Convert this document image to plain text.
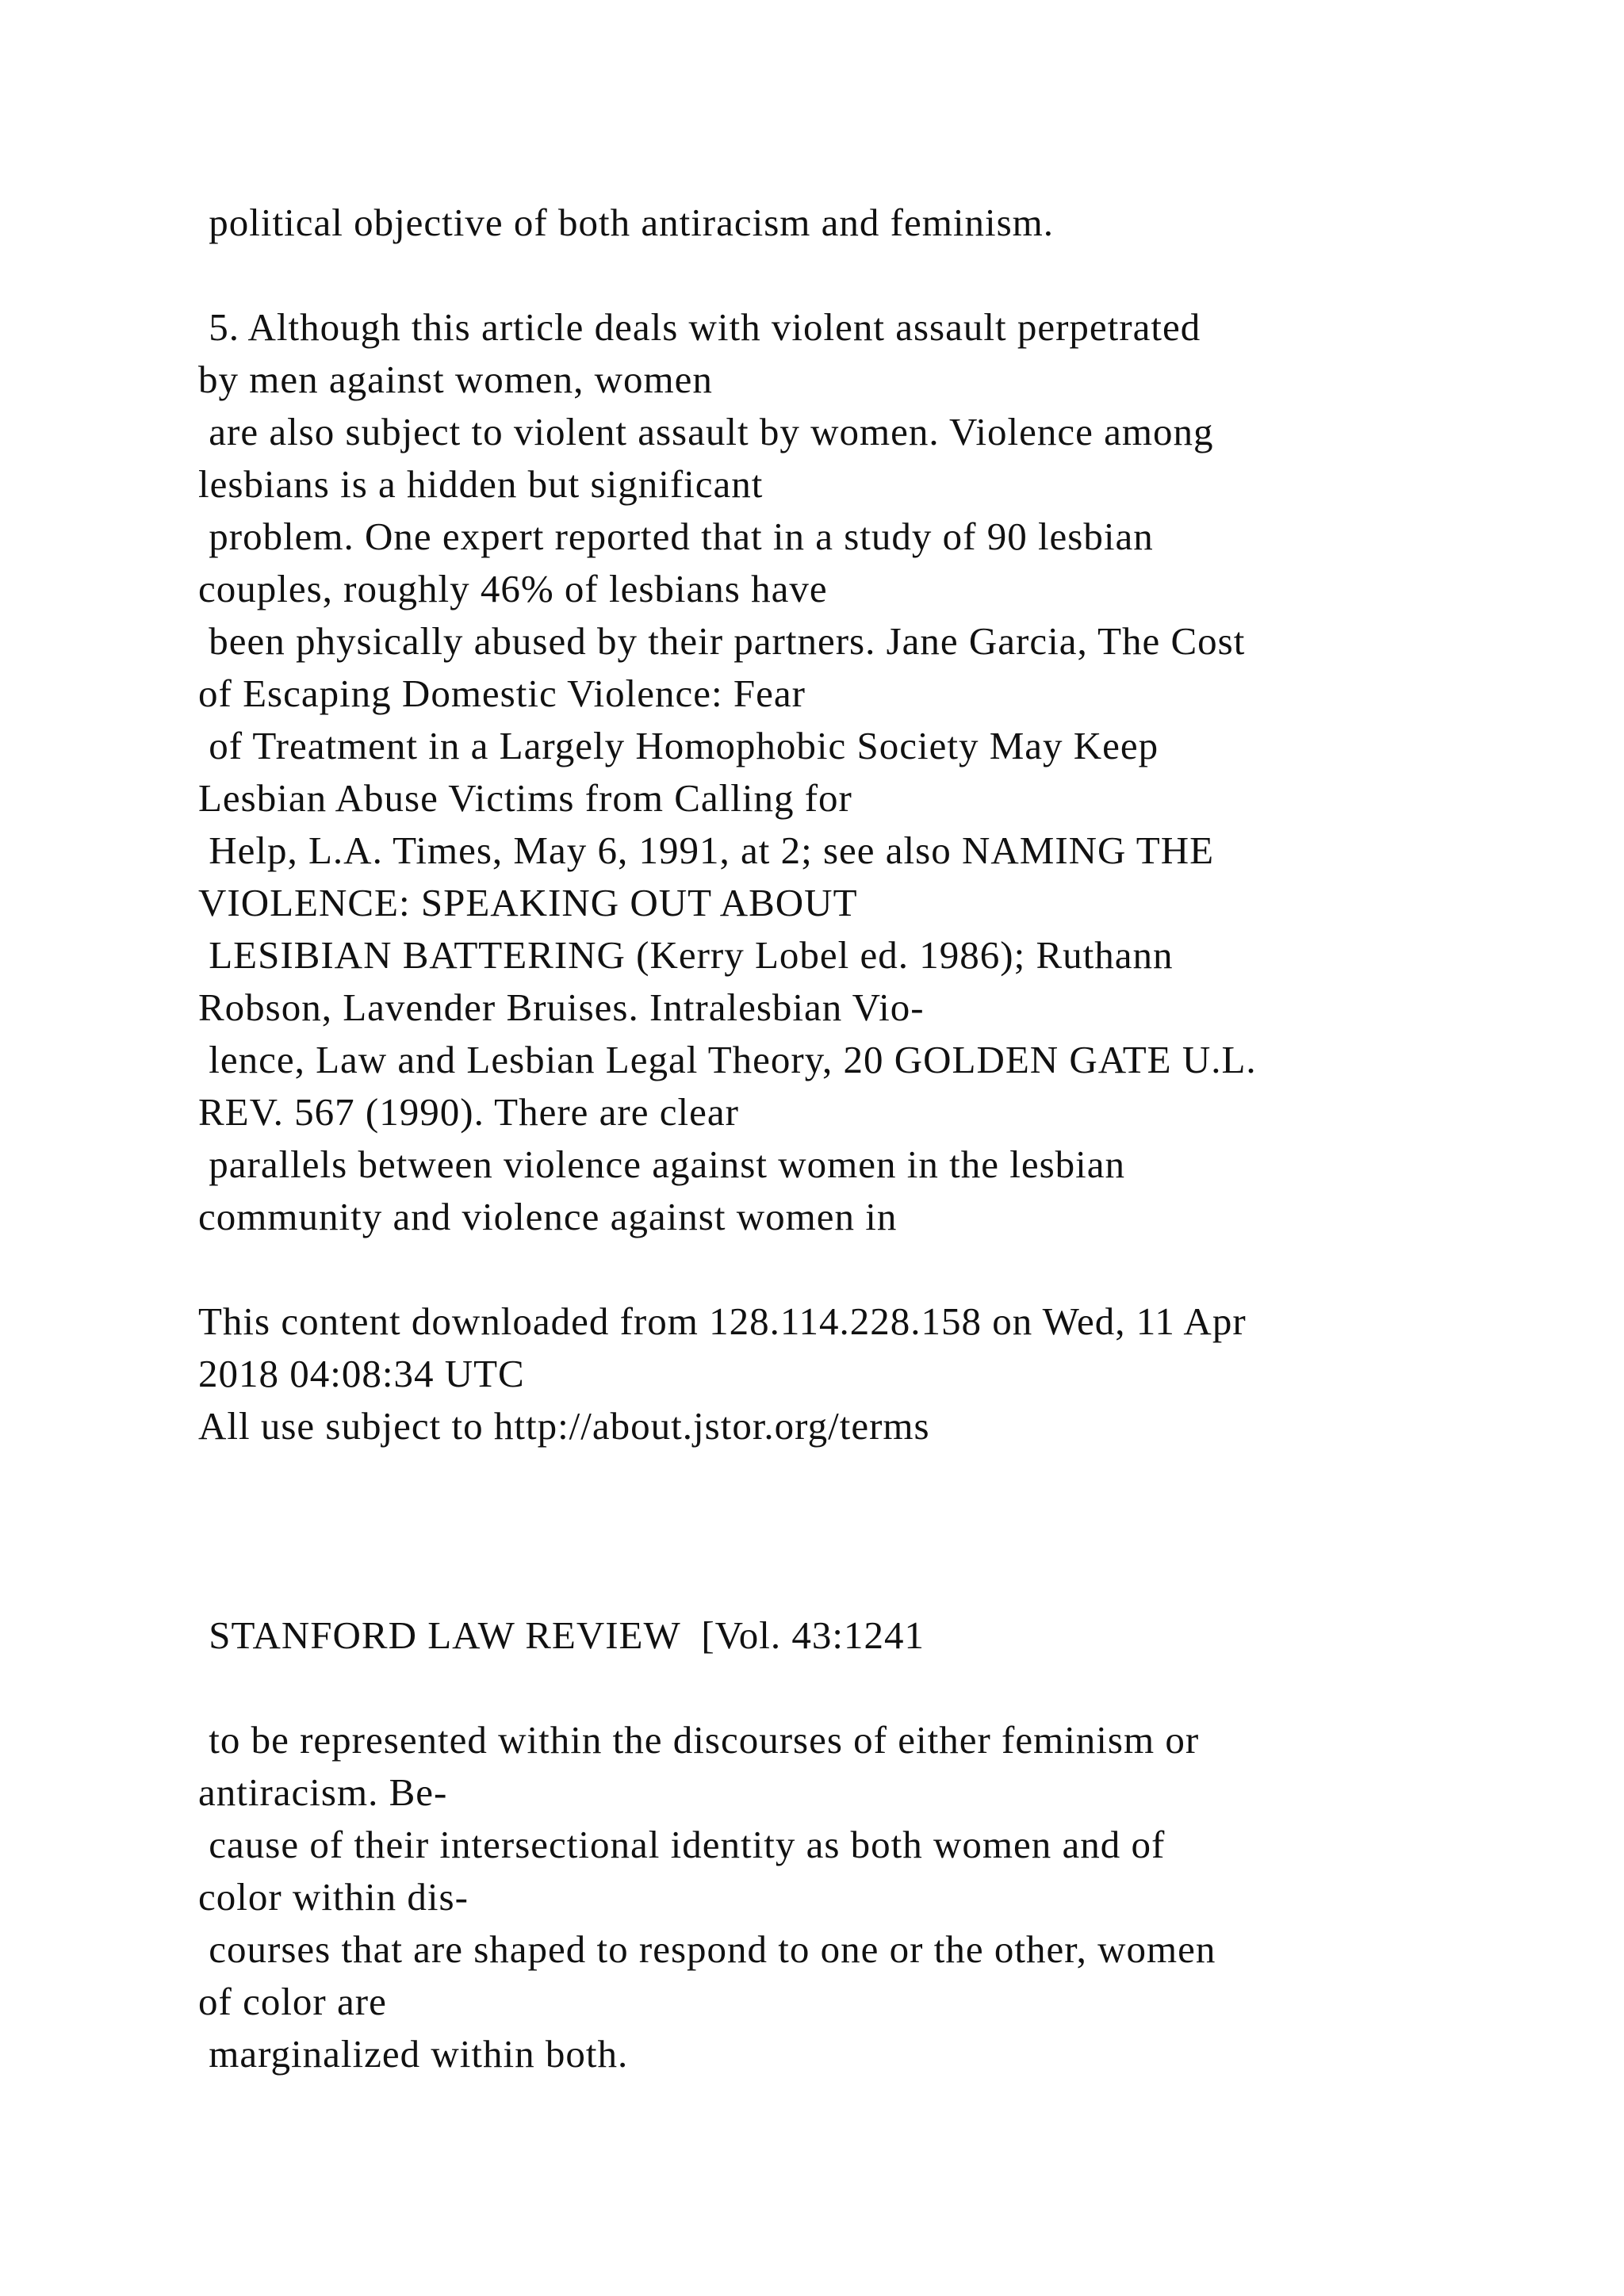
political objective of both antiracism and feminism.

5. Although this article deals with violent assault perpetrated

by men against women, women

are also subject to violent assault by women. Violence among

lesbians is a hidden but significant

problem. One expert reported that in a study of 90 lesbian

couples, roughly 46% of lesbians have

been physically abused by their partners. Jane Garcia, The Cost

of Escaping Domestic Violence: Fear

of Treatment in a Largely Homophobic Society May Keep

Lesbian Abuse Victims from Calling for

Help, L.A. Times, May 6, 1991, at 2; see also NAMING THE

VIOLENCE: SPEAKING OUT ABOUT

LESIBIAN BATTERING (Kerry Lobel ed. 1986); Ruthann

Robson, Lavender Bruises. Intralesbian Vio-

lence, Law and Lesbian Legal Theory, 20 GOLDEN GATE U.L.

REV. 567 (1990). There are clear

parallels between violence against women in the lesbian

community and violence against women in

This content downloaded from 128.114.228.158 on Wed, 11 Apr

2018 04:08:34 UTC

All use subject to http://about.jstor.org/terms

STANFORD LAW REVIEW  [Vol. 43:1241

to be represented within the discourses of either feminism or

antiracism. Be-

cause of their intersectional identity as both women and of

color within dis-

courses that are shaped to respond to one or the other, women

of color are

marginalized within both.
